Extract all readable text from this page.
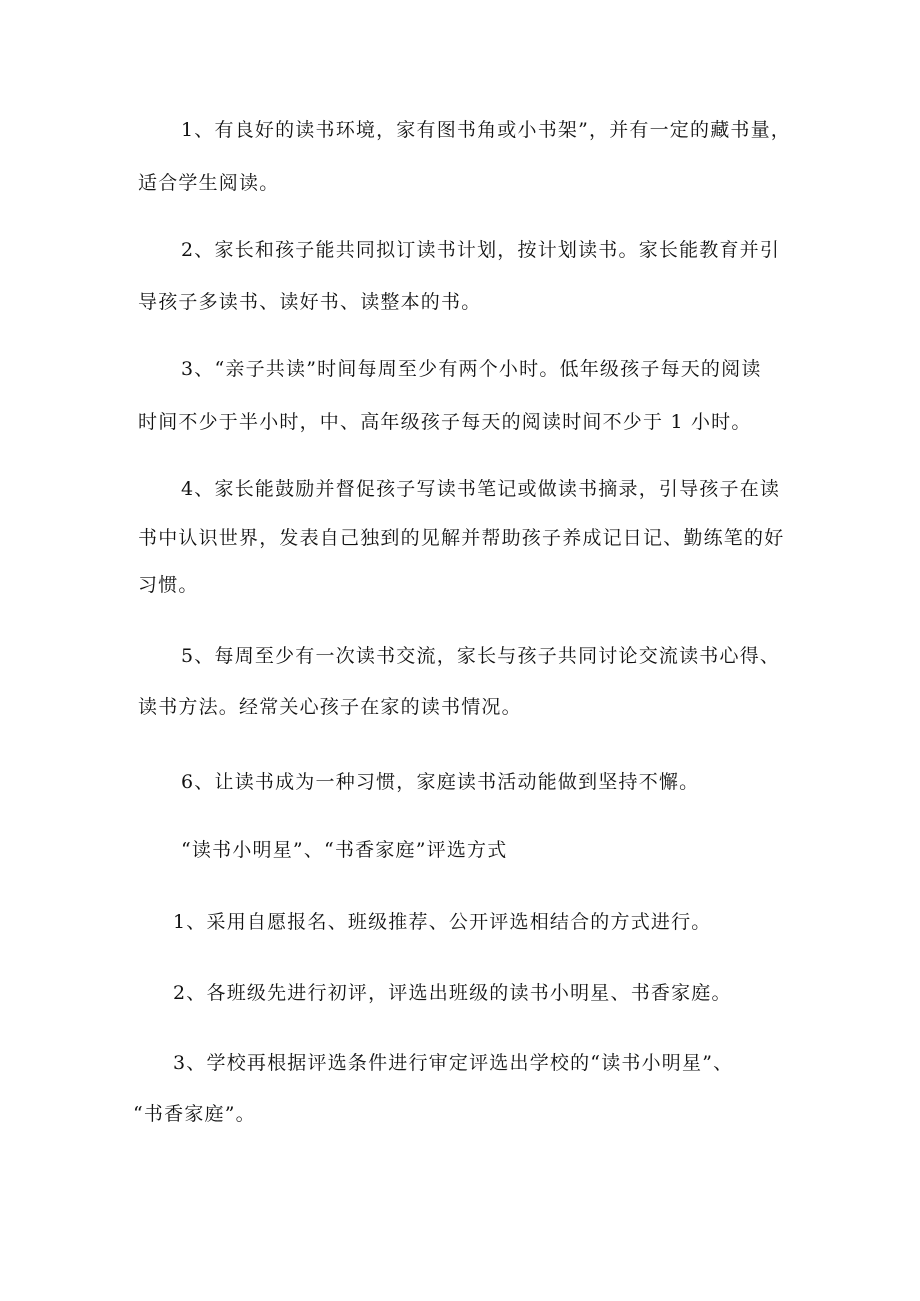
1、有良好的读书环境，家有图书角或小书架”，并有一定的藏书量，
适合学生阅读。
2、家长和孩子能共同拟订读书计划，按计划读书。家长能教育并引
导孩子多读书、读好书、读整本的书。
3、“亲子共读”时间每周至少有两个小时。低年级孩子每天的阅读
时间不少于半小时，中、高年级孩子每天的阅读时间不少于 1 小时。
4、家长能鼓励并督促孩子写读书笔记或做读书摘录，引导孩子在读
书中认识世界，发表自己独到的见解并帮助孩子养成记日记、勤练笔的好
习惯。
5、每周至少有一次读书交流，家长与孩子共同讨论交流读书心得、
读书方法。经常关心孩子在家的读书情况。
6、让读书成为一种习惯，家庭读书活动能做到坚持不懈。
“读书小明星”、“书香家庭”评选方式
1、采用自愿报名、班级推荐、公开评选相结合的方式进行。
2、各班级先进行初评，评选出班级的读书小明星、书香家庭。
3、学校再根据评选条件进行审定评选出学校的“读书小明星”、
“书香家庭”。
